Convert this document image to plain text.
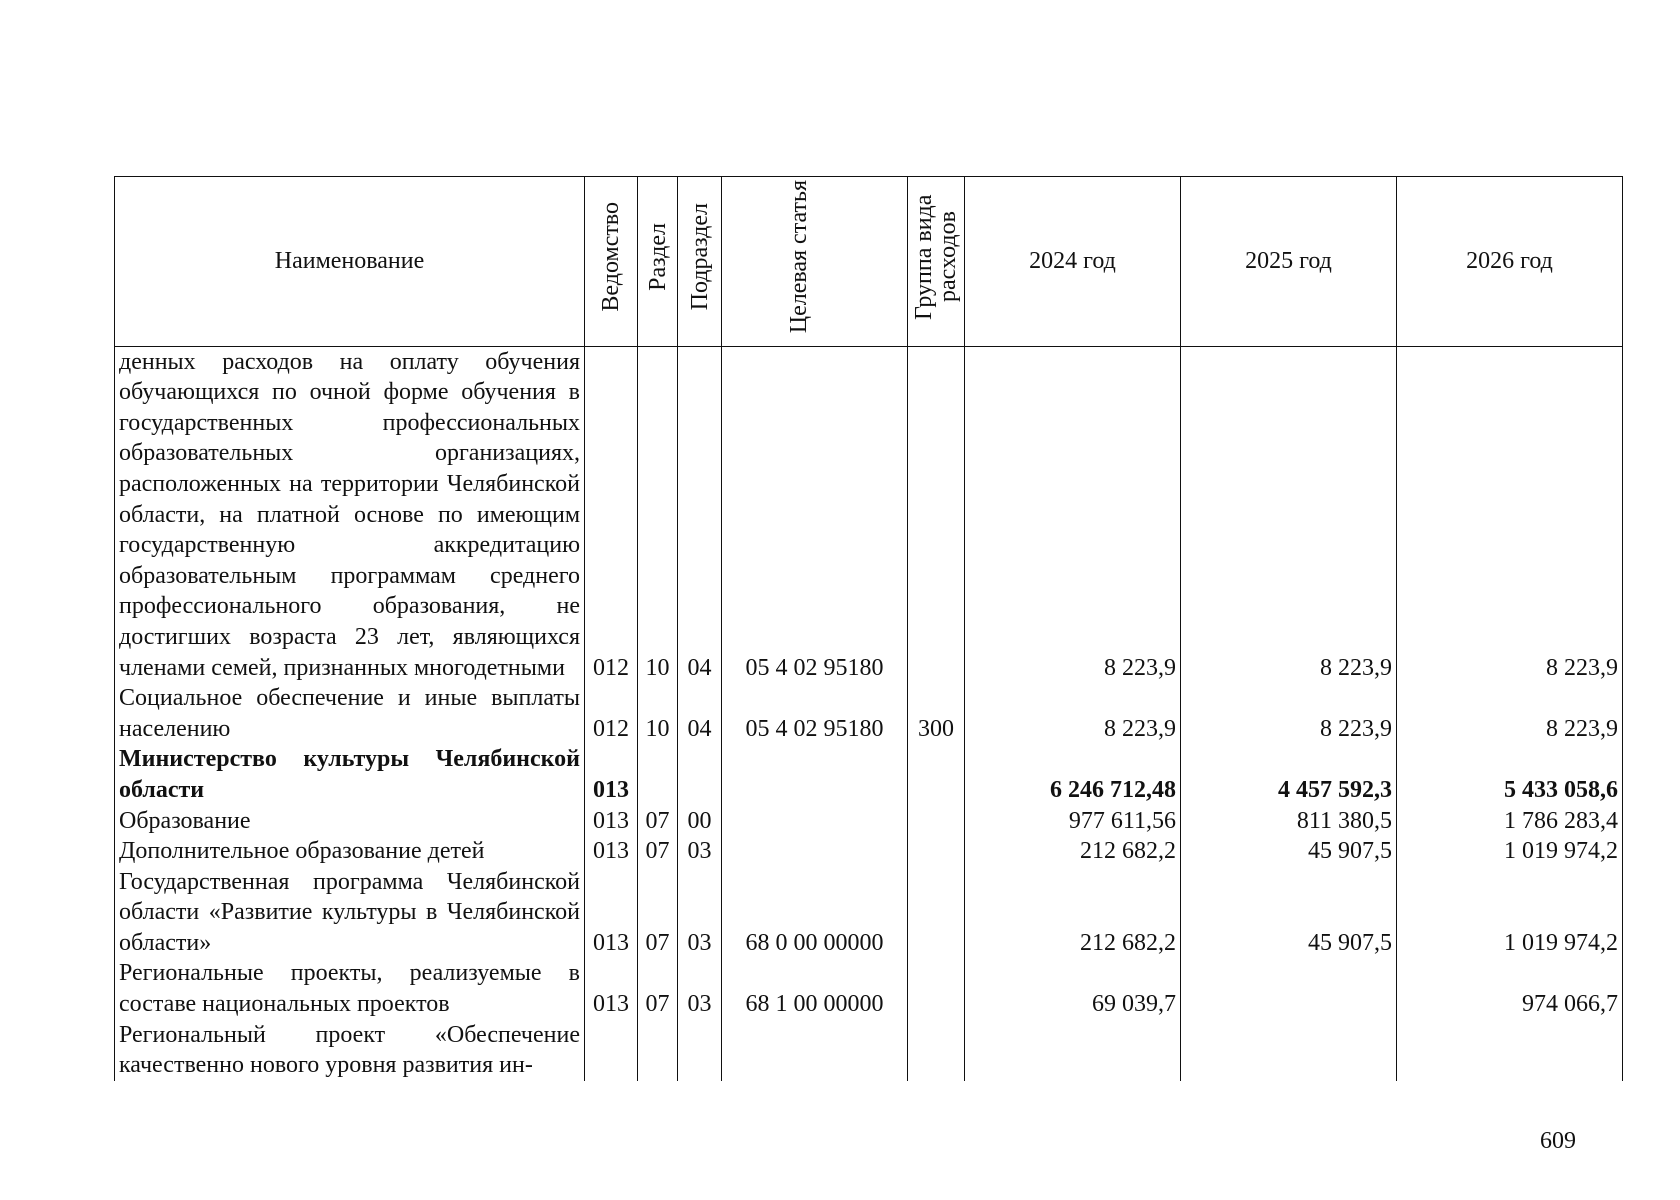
Наименование	Ведомство	Раздел	Подраздел	Целевая статья	Группа вида расходов	2024 год	2025 год	2026 год
денных расходов на оплату обучения обучающихся по очной форме обучения в государственных профессиональных образовательных организациях, расположенных на территории Челябинской области, на платной основе по имеющим государственную аккредитацию образовательным программам среднего профессионального образования, не достигших возраста 23 лет, являющихся членами семей, признанных многодетными	012	10	04	05 4 02 95180		8 223,9	8 223,9	8 223,9
Социальное обеспечение и иные выплаты населению	012	10	04	05 4 02 95180	300	8 223,9	8 223,9	8 223,9
Министерство культуры Челябинской области	013					6 246 712,48	4 457 592,3	5 433 058,6
Образование	013	07	00			977 611,56	811 380,5	1 786 283,4
Дополнительное образование детей	013	07	03			212 682,2	45 907,5	1 019 974,2
Государственная программа Челябинской области «Развитие культуры в Челябинской области»	013	07	03	68 0 00 00000		212 682,2	45 907,5	1 019 974,2
Региональные проекты, реализуемые в составе национальных проектов	013	07	03	68 1 00 00000		69 039,7		974 066,7
Региональный проект «Обеспечение качественно нового уровня развития ин-								
609
